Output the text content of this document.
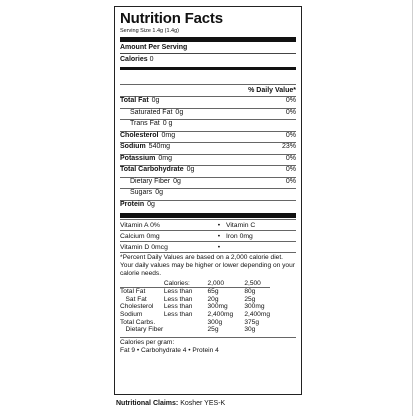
Nutrition Facts
Serving Size 1.4g (1.4g)
Amount Per Serving
Calories 0
% Daily Value*
Total Fat 0g	0%
Saturated Fat 0g	0%
Trans Fat 0 g
Cholesterol 0mg	0%
Sodium 540mg	23%
Potassium 0mg	0%
Total Carbohydrate 0g	0%
Dietary Fiber 0g	0%
Sugars 0g
Protein 0g
Vitamin A 0%	• Vitamin C
Calcium 0mg	• Iron 0mg
Vitamin D 0mcg	•
*Percent Daily Values are based on a 2,000 calorie diet. Your daily values may be higher or lower depending on your calorie needs.
	Calories:	2,000	2,500
Total Fat	Less than	65g	80g
Sat Fat	Less than	20g	25g
Cholesterol	Less than	300mg	300mg
Sodium	Less than	2,400mg	2,400mg
Total Carbs.		300g	375g
Dietary Fiber		25g	30g
Calories per gram:
Fat 9 • Carbohydrate 4 • Protein 4
Nutritional Claims: Kosher YES-K
